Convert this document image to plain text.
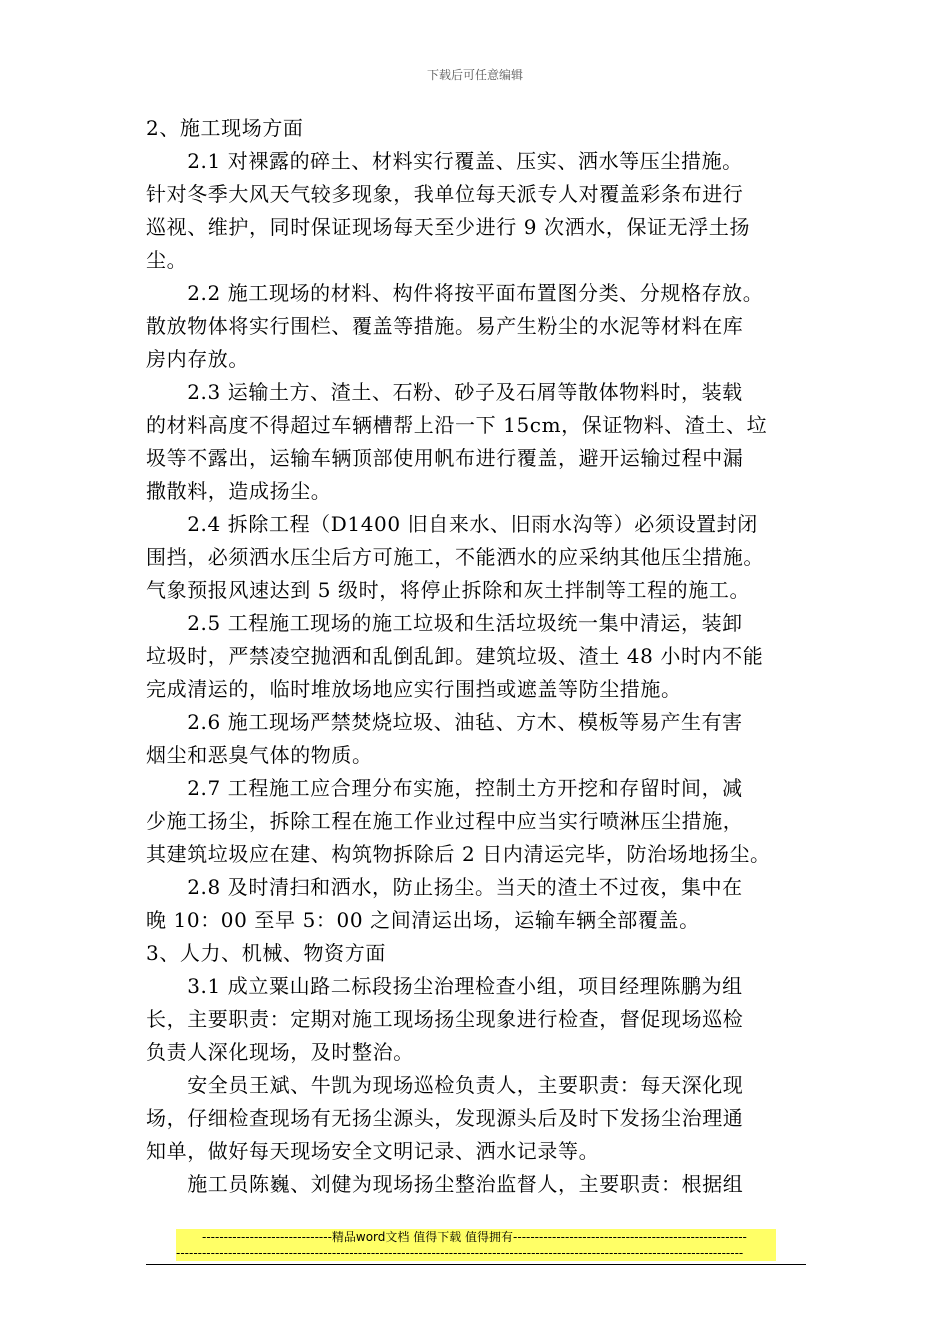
下载后可任意编辑
2、施工现场方面
　　2.1 对裸露的碎土、材料实行覆盖、压实、洒水等压尘措施。
针对冬季大风天气较多现象，我单位每天派专人对覆盖彩条布进行
巡视、维护，同时保证现场每天至少进行 9 次洒水，保证无浮土扬
尘。
　　2.2 施工现场的材料、构件将按平面布置图分类、分规格存放。
散放物体将实行围栏、覆盖等措施。易产生粉尘的水泥等材料在库
房内存放。
　　2.3 运输土方、渣土、石粉、砂子及石屑等散体物料时，装载
的材料高度不得超过车辆槽帮上沿一下 15cm，保证物料、渣土、垃
圾等不露出，运输车辆顶部使用帆布进行覆盖，避开运输过程中漏
撒散料，造成扬尘。
　　2.4 拆除工程（D1400 旧自来水、旧雨水沟等）必须设置封闭
围挡，必须洒水压尘后方可施工，不能洒水的应采纳其他压尘措施。
气象预报风速达到 5 级时，将停止拆除和灰土拌制等工程的施工。
　　2.5 工程施工现场的施工垃圾和生活垃圾统一集中清运，装卸
垃圾时，严禁凌空抛洒和乱倒乱卸。建筑垃圾、渣土 48 小时内不能
完成清运的，临时堆放场地应实行围挡或遮盖等防尘措施。
　　2.6 施工现场严禁焚烧垃圾、油毡、方木、模板等易产生有害
烟尘和恶臭气体的物质。
　　2.7 工程施工应合理分布实施，控制土方开挖和存留时间，减
少施工扬尘，拆除工程在施工作业过程中应当实行喷淋压尘措施，
其建筑垃圾应在建、构筑物拆除后 2 日内清运完毕，防治场地扬尘。
　　2.8 及时清扫和洒水，防止扬尘。当天的渣土不过夜，集中在
晚 10：00 至早 5：00 之间清运出场，运输车辆全部覆盖。
3、人力、机械、物资方面
　　3.1 成立粟山路二标段扬尘治理检查小组，项目经理陈鹏为组
长，主要职责：定期对施工现场扬尘现象进行检查，督促现场巡检
负责人深化现场，及时整治。
　　安全员王斌、牛凯为现场巡检负责人，主要职责：每天深化现
场，仔细检查现场有无扬尘源头，发现源头后及时下发扬尘治理通
知单，做好每天现场安全文明记录、洒水记录等。
　　施工员陈巍、刘健为现场扬尘整治监督人，主要职责：根据组
------------------------------精品word文档 值得下载 值得拥有------------------------------------------------------
-----------------------------------------------------------------------------------------------------------------------------------
